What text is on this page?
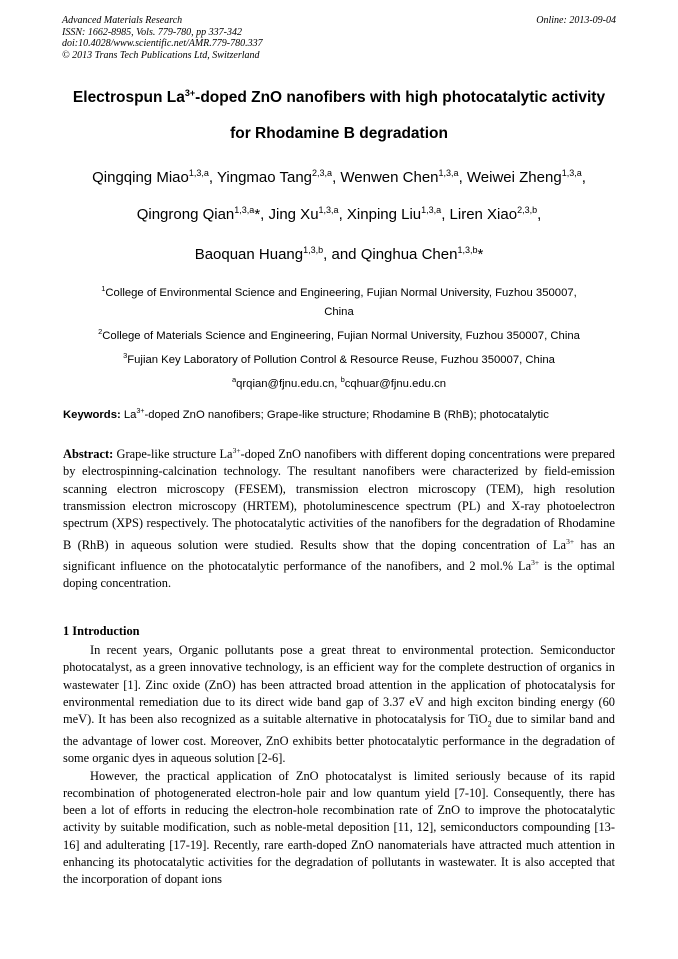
Advanced Materials Research
ISSN: 1662-8985, Vols. 779-780, pp 337-342
doi:10.4028/www.scientific.net/AMR.779-780.337
© 2013 Trans Tech Publications Ltd, Switzerland
Online: 2013-09-04
Electrospun $La^{3+}$-doped ZnO nanofibers with high photocatalytic activity
for Rhodamine B degradation
Qingqing Miao$^{1,3,a}$, Yingmao Tang$^{2,3,a}$, Wenwen Chen$^{1,3,a}$, Weiwei Zheng$^{1,3,a}$,
Qingrong Qian$^{1,3,a}$*, Jing Xu$^{1,3,a}$, Xinping Liu$^{1,3,a}$, Liren Xiao$^{2,3,b}$,
Baoquan Huang$^{1,3,b}$, and Qinghua Chen$^{1,3,b}$*
$^1$College of Environmental Science and Engineering, Fujian Normal University, Fuzhou 350007,
China
$^2$College of Materials Science and Engineering, Fujian Normal University, Fuzhou 350007, China
$^3$Fujian Key Laboratory of Pollution Control & Resource Reuse, Fuzhou 350007, China
$^a$qrqian@fjnu.edu.cn, $^b$cqhuar@fjnu.edu.cn
Keywords: $La^{3+}$-doped ZnO nanofibers; Grape-like structure; Rhodamine B (RhB); photocatalytic
Abstract: Grape-like structure $La^{3+}$-doped ZnO nanofibers with different doping concentrations were prepared by electrospinning-calcination technology. The resultant nanofibers were characterized by field-emission scanning electron microscopy (FESEM), transmission electron microscopy (TEM), high resolution transmission electron microscopy (HRTEM), photoluminescence spectrum (PL) and X-ray photoelectron spectrum (XPS) respectively. The photocatalytic activities of the nanofibers for the degradation of Rhodamine B (RhB) in aqueous solution were studied. Results show that the doping concentration of $La^{3+}$ has an significant influence on the photocatalytic performance of the nanofibers, and 2 mol.% $La^{3+}$ is the optimal doping concentration.
1 Introduction

In recent years, Organic pollutants pose a great threat to environmental protection. Semiconductor photocatalyst, as a green innovative technology, is an efficient way for the complete destruction of organics in wastewater [1]. Zinc oxide (ZnO) has been attracted broad attention in the application of photocatalysis for environmental remediation due to its direct wide band gap of 3.37 eV and high exciton binding energy (60 meV). It has been also recognized as a suitable alternative in photocatalysis for TiO$_2$ due to similar band and the advantage of lower cost. Moreover, ZnO exhibits better photocatalytic performance in the degradation of some organic dyes in aqueous solution [2-6].

However, the practical application of ZnO photocatalyst is limited seriously because of its rapid recombination of photogenerated electron-hole pair and low quantum yield [7-10]. Consequently, there has been a lot of efforts in reducing the electron-hole recombination rate of ZnO to improve the photocatalytic activity by suitable modification, such as noble-metal deposition [11, 12], semiconductors compounding [13-16] and adulterating [17-19]. Recently, rare earth-doped ZnO nanomaterials have attracted much attention in enhancing its photocatalytic activities for the degradation of pollutants in wastewater. It is also accepted that the incorporation of dopant ions
